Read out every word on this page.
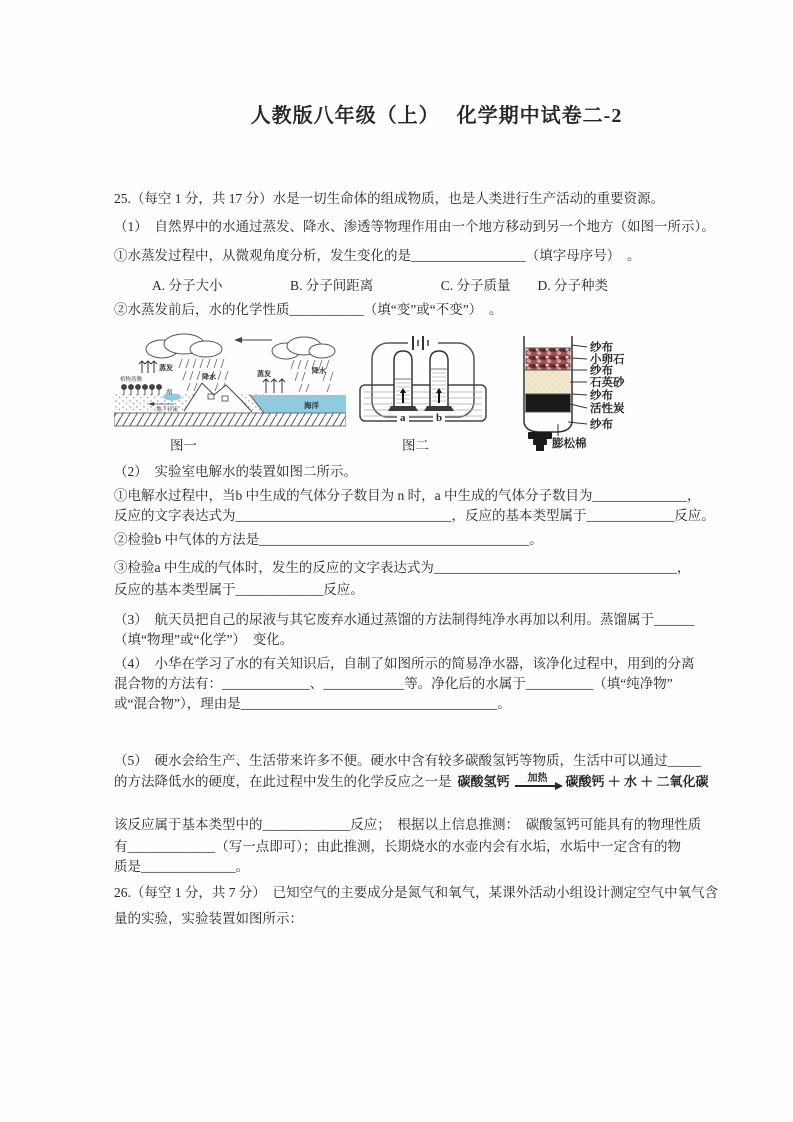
人教版八年级（上）　 化学期中试卷二-2
25.（每空 1 分，共 17 分）水是一切生命体的组成物质，也是人类进行生产活动的重要资源。
（1）　自然界中的水通过蒸发、降水、渗透等物理作用由一个地方移动到另一个地方（如图一所示）。
①水蒸发过程中，从微观角度分析，发生变化的是_________________（填字母序号）　。
A. 分子大小　　　　　B. 分子间距离　　　　　C. 分子质量　　D. 分子种类
②水蒸发前后，水的化学性质___________（填“变”或“不变”）　。
蒸发
植物蒸腾	降水
湖
地下径流
蒸发	降水
海洋
图一
a	b
图二
纱布
小卵石
纱布
石英砂
纱布
活性炭
纱布
膨松棉
（2）　实验室电解水的装置如图二所示。
①电解水过程中，当b 中生成的气体分子数目为 n 时，a 中生成的气体分子数目为______________，
反应的文字表达式为________________________________，反应的基本类型属于_____________反应。
②检验b 中气体的方法是________________________________________。
③检验a 中生成的气体时，发生的反应的文字表达式为____________________________________，
反应的基本类型属于_____________反应。
（3）　航天员把自己的尿液与其它废弃水通过蒸馏的方法制得纯净水再加以利用。蒸馏属于______
（填“物理”或“化学”）　变化。
（4）　小华在学习了水的有关知识后，自制了如图所示的简易净水器，该净化过程中，用到的分离
混合物的方法有：_____________、____________等。净化后的水属于__________（填“纯净物”
或“混合物”），理由是______________________________________。
（5）　硬水会给生产、生活带来许多不便。硬水中含有较多碳酸氢钙等物质，生活中可以通过_____
的方法降低水的硬度，在此过程中发生的化学反应之一是 碳酸氢钙 加热 碳酸钙 ＋ 水 ＋ 二氧化碳
该反应属于基本类型中的_____________反应；　根据以上信息推测：　碳酸氢钙可能具有的物理性质
有_____________（写一点即可）；由此推测，长期烧水的水壶内会有水垢，水垢中一定含有的物
质是______________。
26.（每空 1 分，共 7 分）　已知空气的主要成分是氮气和氧气，某课外活动小组设计测定空气中氧气含
量的实验，实验装置如图所示：
